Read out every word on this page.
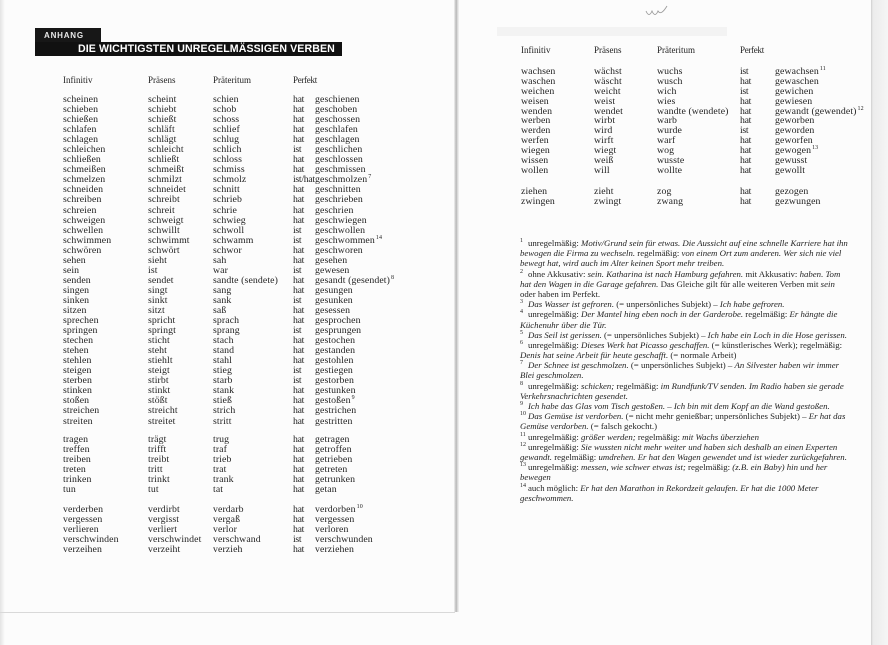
ANHANG
DIE WICHTIGSTEN UNREGELMÄSSIGEN VERBEN
Infinitiv	Präsens	Präteritum	Perfekt
scheinen	scheint	schien	hat geschienen
schieben	schiebt	schob	hat geschoben
schießen	schießt	schoss	hat geschossen
schlafen	schläft	schlief	hat geschlafen
schlagen	schlägt	schlug	hat geschlagen
schleichen	schleicht	schlich	ist geschlichen
schließen	schließt	schloss	hat geschlossen
schmeißen	schmeißt	schmiss	hat geschmissen
schmelzen	schmilzt	schmolz	ist/hat geschmolzen$^7$
schneiden	schneidet	schnitt	hat geschnitten
schreiben	schreibt	schrieb	hat geschrieben
schreien	schreit	schrie	hat geschrien
schweigen	schweigt	schwieg	hat geschwiegen
schwellen	schwillt	schwoll	ist geschwollen
schwimmen	schwimmt schwamm	ist geschwommen$^{14}$
schwören	schwört	schwor	hat geschworen
sehen	sieht	sah	hat gesehen
sein	ist	war	ist gewesen
senden	sendet	sandte (sendete) hat gesandt (gesendet)$^8$
singen	singt	sang	hat gesungen
sinken	sinkt	sank	ist gesunken
sitzen	sitzt	saß	hat gesessen
sprechen	spricht	sprach	hat gesprochen
springen	springt	sprang	ist gesprungen
stechen	sticht	stach	hat gestochen
stehen	steht	stand	hat gestanden
stehlen	stiehlt	stahl	hat gestohlen
steigen	steigt	stieg	ist gestiegen
sterben	stirbt	starb	ist gestorben
stinken	stinkt	stank	hat gestunken
stoßen	stößt	stieß	hat gestoßen$^9$
streichen	streicht	strich	hat gestrichen
streiten	streitet	stritt	hat gestritten
tragen	trägt	trug	hat getragen
treffen	trifft	traf	hat getroffen
treiben	treibt	trieb	hat getrieben
treten	tritt	trat	hat getreten
trinken	trinkt	trank	hat getrunken
tun	tut	tat	hat getan
verderben	verdirbt	verdarb	hat verdorben$^{10}$
vergessen	vergisst	vergaß	hat vergessen
verlieren	verliert	verlor	hat verloren
verschwinden	verschwindet verschwand	ist verschwunden
verzeihen	verzeiht	verzieh	hat verziehen
Infinitiv	Präsens	Präteritum	Perfekt
wachsen	wächst	wuchs	ist	gewachsen$^{11}$
waschen	wäscht	wusch	hat gewaschen
weichen	weicht	wich	ist	gewichen
weisen	weist	wies	hat gewiesen
wenden	wendet	wandte (wendete) hat gewandt (gewendet)$^{12}$
werben	wirbt	warb	hat geworben
werden	wird	wurde	ist	geworden
werfen	wirft	warf	hat geworfen
wiegen	wiegt	wog	hat gewogen$^{13}$
wissen	weiß	wusste	hat gewusst
wollen	will	wollte	hat gewollt
ziehen	zieht	zog	hat gezogen
zwingen	zwingt	zwang	hat gezwungen
1 unregelmäßig: Motiv/Grund sein für etwas. Die Aussicht auf eine schnelle Karriere hat ihn
bewogen die Firma zu wechseln. regelmäßig: von einem Ort zum anderen. Wer sich nie viel
bewegt hat, wird auch im Alter keinen Sport mehr treiben.
2 ohne Akkusativ: sein. Katharina ist nach Hamburg gefahren. mit Akkusativ: haben. Tom
hat den Wagen in die Garage gefahren. Das Gleiche gilt für alle weiteren Verben mit sein
oder haben im Perfekt.
3 Das Wasser ist gefroren. (= unpersönliches Subjekt) – Ich habe gefroren.
4 unregelmäßig: Der Mantel hing eben noch in der Garderobe. regelmäßig: Er hängte die
Küchenuhr über die Tür.
5 Das Seil ist gerissen. (= unpersönliches Subjekt) – Ich habe ein Loch in die Hose gerissen.
6 unregelmäßig: Dieses Werk hat Picasso geschaffen. (= künstlerisches Werk); regelmäßig:
Denis hat seine Arbeit für heute geschafft. (= normale Arbeit)
7 Der Schnee ist geschmolzen. (= unpersönliches Subjekt) – An Silvester haben wir immer
Blei geschmolzen.
8 unregelmäßig: schicken; regelmäßig: im Rundfunk/TV senden. Im Radio haben sie gerade
Verkehrsnachrichten gesendet.
9 Ich habe das Glas vom Tisch gestoßen. – Ich bin mit dem Kopf an die Wand gestoßen.
10 Das Gemüse ist verdorben. (= nicht mehr genießbar; unpersönliches Subjekt) – Er hat das
Gemüse verdorben. (= falsch gekocht.)
11 unregelmäßig: größer werden; regelmäßig: mit Wachs überziehen
12 unregelmäßig: Sie wussten nicht mehr weiter und haben sich deshalb an einen Experten
gewandt. regelmäßig: umdrehen. Er hat den Wagen gewendet und ist wieder zurückgefahren.
13 unregelmäßig: messen, wie schwer etwas ist; regelmäßig: (z.B. ein Baby) hin und her
bewegen
14 auch möglich: Er hat den Marathon in Rekordzeit gelaufen. Er hat die 1000 Meter
geschwommen.
